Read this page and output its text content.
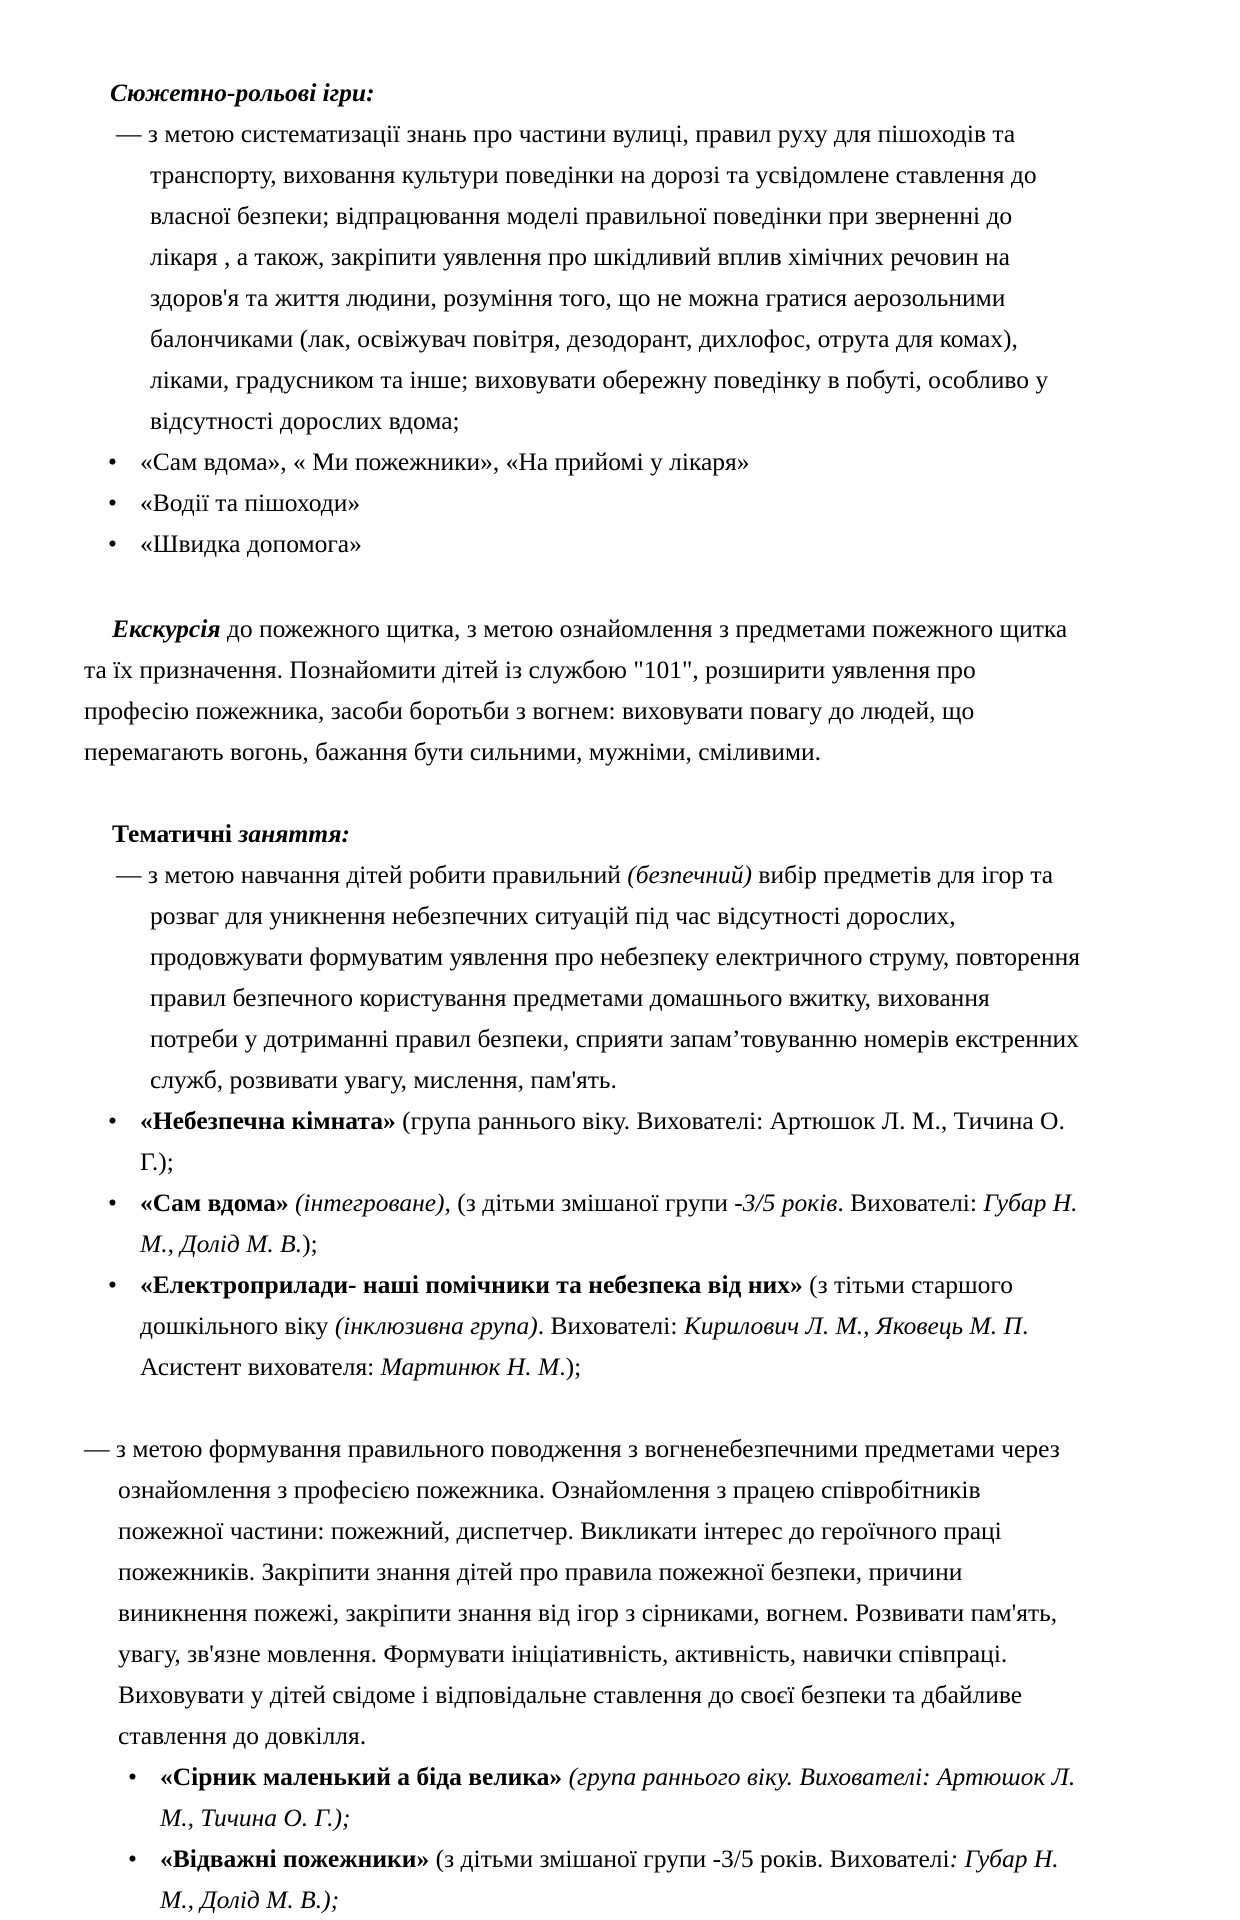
Сюжетно-рольові ігри:
— з метою систематизації знань про частини вулиці, правил руху для пішоходів та транспорту, виховання культури поведінки на дорозі та усвідомлене ставлення до власної безпеки; відпрацювання моделі правильної поведінки при зверненні до лікаря , а також, закріпити уявлення про шкідливий вплив хімічних речовин на здоров'я та життя людини, розуміння того, що не можна гратися аерозольними балончиками (лак, освіжувач повітря, дезодорант, дихлофос, отрута для комах), ліками, градусником та інше; виховувати обережну поведінку в побуті, особливо у відсутності дорослих вдома;
• «Сам вдома», « Ми пожежники», «На прийомі у лікаря»
• «Водії та пішоходи»
• «Швидка допомога»

Екскурсія до пожежного щитка, з метою ознайомлення з предметами пожежного щитка та їх призначення. Познайомити дітей із службою "101", розширити уявлення про професію пожежника, засоби боротьби з вогнем: виховувати повагу до людей, що перемагають вогонь, бажання бути сильними, мужніми, сміливими.

Тематичні заняття:
— з метою навчання дітей робити правильний (безпечний) вибір предметів для ігор та розваг для уникнення небезпечних ситуацій під час відсутності дорослих, продовжувати формуватим уявлення про небезпеку електричного струму, повторення правил безпечного користування предметами домашнього вжитку, виховання потреби у дотриманні правил безпеки, сприяти запам’товуванню номерів екстренних служб, розвивати увагу, мислення, пам'ять.
• «Небезпечна кімната» (група раннього віку. Вихователі: Артюшок Л. М., Тичина О. Г.);
• «Сам вдома» (інтегроване), (з дітьми змішаної групи -3/5 років. Вихователі: Губар Н. М., Долід М. В.);
• «Електроприлади- наші помічники та небезпека від них» (з тітьми старшого дошкільного віку (інклюзивна група). Вихователі: Кирилович Л. М., Яковець М. П. Асистент вихователя: Мартинюк Н. М.);
— з метою формування правильного поводження з вогненебезпечними предметами через ознайомлення з професією пожежника. Ознайомлення з працею співробітників пожежної частини: пожежний, диспетчер. Викликати інтерес до героїчного праці пожежників. Закріпити знання дітей про правила пожежної безпеки, причини виникнення пожежі, закріпити знання від ігор з сірниками, вогнем. Розвивати пам'ять, увагу, зв'язне мовлення. Формувати ініціативність, активність, навички співпраці. Виховувати у дітей свідоме і відповідальне ставлення до своєї безпеки та дбайливе ставлення до довкілля.
• «Сірник маленький а біда велика» (група раннього віку. Вихователі: Артюшок Л. М., Тичина О. Г.);
• «Відважні пожежники» (з дітьми змішаної групи -3/5 років. Вихователі: Губар Н. М., Долід М. В.);
